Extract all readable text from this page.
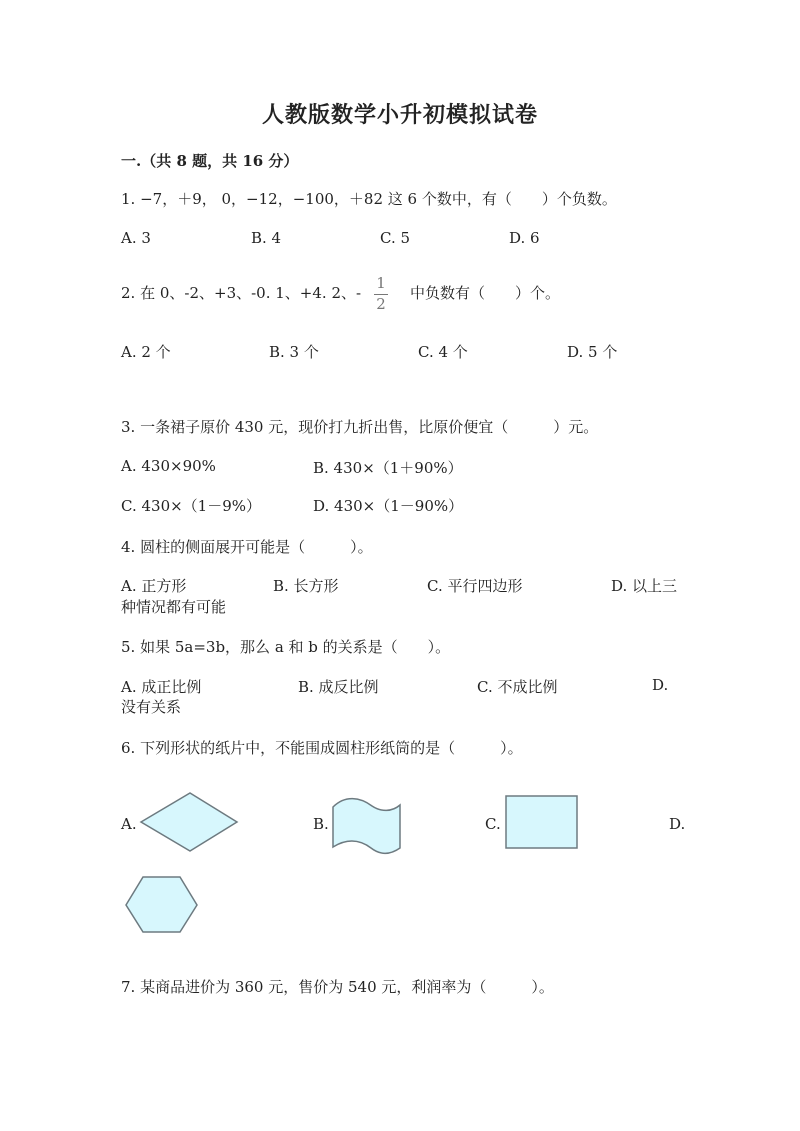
人教版数学小升初模拟试卷
一.（共 8 题，共 16 分）
1. −7，＋9， 0，−12，−100，＋82 这 6 个数中，有（　　）个负数。
A. 3	B. 4	C. 5	D. 6
2. 在 0、-2、+3、-0. 1、+4. 2、-
1
2
中负数有（　　）个。
A. 2 个	B. 3 个	C. 4 个	D. 5 个
3. 一条裙子原价 430 元，现价打九折出售，比原价便宜（　　　）元。
A. 430×90%	B. 430×（1＋90%）
C. 430×（1－9%）	D. 430×（1－90%）
4. 圆柱的侧面展开可能是（　　　）。
A. 正方形	B. 长方形	C. 平行四边形	D. 以上三
种情况都有可能
5. 如果 5a=3b，那么 a 和 b 的关系是（　　）。
A. 成正比例	B. 成反比例	C. 不成比例	D.
没有关系
6. 下列形状的纸片中，不能围成圆柱形纸筒的是（　　　）。
A.	B.	C.	D.
7. 某商品进价为 360 元，售价为 540 元，利润率为（　　　）。
